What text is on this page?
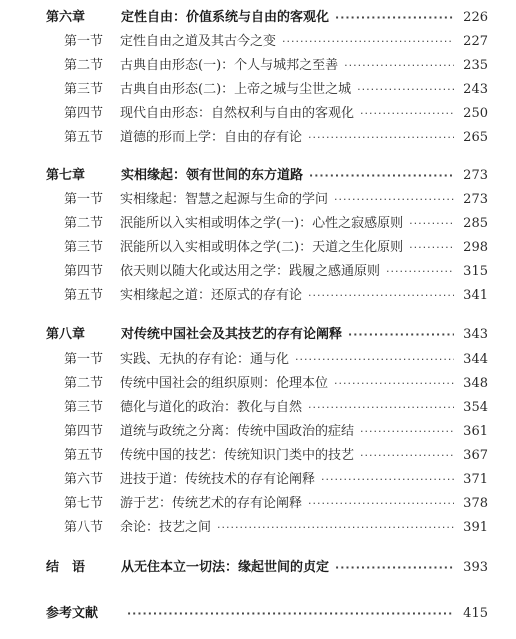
第六章	定性自由：价值系统与自由的客观化 ·····	226
第一节	定性自由之道及其古今之变 ·····	227
第二节	古典自由形态(一)：个人与城邦之至善 ·····	235
第三节	古典自由形态(二)：上帝之城与尘世之城 ·····	243
第四节	现代自由形态：自然权利与自由的客观化 ·····	250
第五节	道德的形而上学：自由的存有论 ·····	265
第七章	实相缘起：领有世间的东方道路 ·····	273
第一节	实相缘起：智慧之起源与生命的学问 ·····	273
第二节	泯能所以入实相或明体之学(一)：心性之寂感原则 ·····	285
第三节	泯能所以入实相或明体之学(二)：天道之生化原则 ·····	298
第四节	依天则以随大化或达用之学：践履之感通原则 ·····	315
第五节	实相缘起之道：还原式的存有论 ·····	341
第八章	对传统中国社会及其技艺的存有论阐释 ·····	343
第一节	实践、无执的存有论：通与化 ·····	344
第二节	传统中国社会的组织原则：伦理本位 ·····	348
第三节	德化与道化的政治：教化与自然 ·····	354
第四节	道统与政统之分离：传统中国政治的症结 ·····	361
第五节	传统中国的技艺：传统知识门类中的技艺 ·····	367
第六节	进技于道：传统技术的存有论阐释 ·····	371
第七节	游于艺：传统艺术的存有论阐释 ·····	378
第八节	余论：技艺之间 ·····	391
结　语	从无住本立一切法：缘起世间的贞定 ·····	393
参考文献 ·····	415
